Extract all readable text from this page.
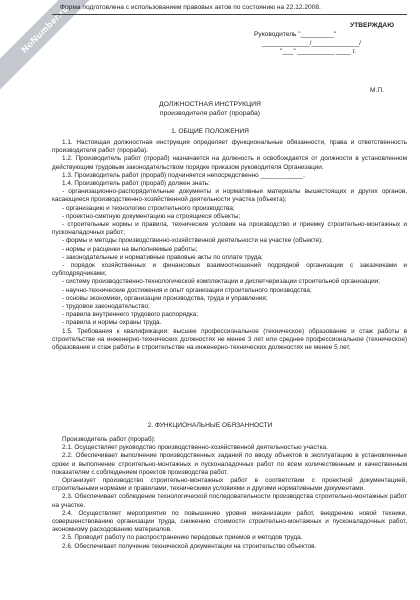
NoNumber.ru
Форма подготовлена с использованием правовых актов по состоянию на 22.12.2008.
УТВЕРЖДАЮ
Руководитель "_________"
_____________/_____________/
"___" __________ ____ г.
М.П.
ДОЛЖНОСТНАЯ ИНСТРУКЦИЯ
производителя работ (прораба)
1. ОБЩИЕ ПОЛОЖЕНИЯ

1.1. Настоящая должностная инструкция определяет функциональные обязанности, права и ответственность производителя работ (прораба).

1.2. Производитель работ (прораб) назначается на должность и освобождается от должности в установленном действующим трудовым законодательством порядке приказом руководителя Организации.

1.3. Производитель работ (прораб) подчиняется непосредственно ____________.

1.4. Производитель работ (прораб) должен знать:

- организационно-распорядительные документы и нормативные материалы вышестоящих и других органов, касающиеся производственно-хозяйственной деятельности участка (объекта);

- организацию и технологию строительного производства;

- проектно-сметную документацию на строящиеся объекты;

- строительные нормы и правила, технические условия на производство и приемку строительно-монтажных и пусконаладочных работ;

- формы и методы производственно-хозяйственной деятельности на участке (объекте);

- нормы и расценки на выполняемые работы;

- законодательные и нормативные правовые акты по оплате труда;

- порядок хозяйственных и финансовых взаимоотношений подрядной организации с заказчиками и субподрядчиками;

- систему производственно-технологической комплектации и диспетчеризации строительной организации;

- научно-технические достижения и опыт организации строительного производства;

- основы экономики, организации производства, труда и управления;

- трудовое законодательство;

- правила внутреннего трудового распорядка;

- правила и нормы охраны труда.

1.5. Требования к квалификации: высшее профессиональное (техническое) образование и стаж работы в строительстве на инженерно-технических должностях не менее 3 лет или среднее профессиональное (техническое) образование и стаж работы в строительстве на инженерно-технических должностях не менее 5 лет.

2. ФУНКЦИОНАЛЬНЫЕ ОБЯЗАННОСТИ

Производитель работ (прораб):

2.1. Осуществляет руководство производственно-хозяйственной деятельностью участка.

2.2. Обеспечивает выполнение производственных заданий по вводу объектов в эксплуатацию в установленные сроки и выполнение строительно-монтажных и пусконаладочных работ по всем количественным и качественным показателям с соблюдением проектов производства работ.

Организует производство строительно-монтажных работ в соответствии с проектной документацией, строительными нормами и правилами, техническими условиями и другими нормативными документами.

2.3. Обеспечивает соблюдение технологической последовательности производства строительно-монтажных работ на участке.

2.4. Осуществляет мероприятия по повышению уровня механизации работ, внедрению новой техники, совершенствованию организации труда, снижению стоимости строительно-монтажных и пусконаладочных работ, экономному расходованию материалов.

2.5. Проводит работу по распространению передовых приемов и методов труда.

2.6. Обеспечивает получение технической документации на строительство объектов.
